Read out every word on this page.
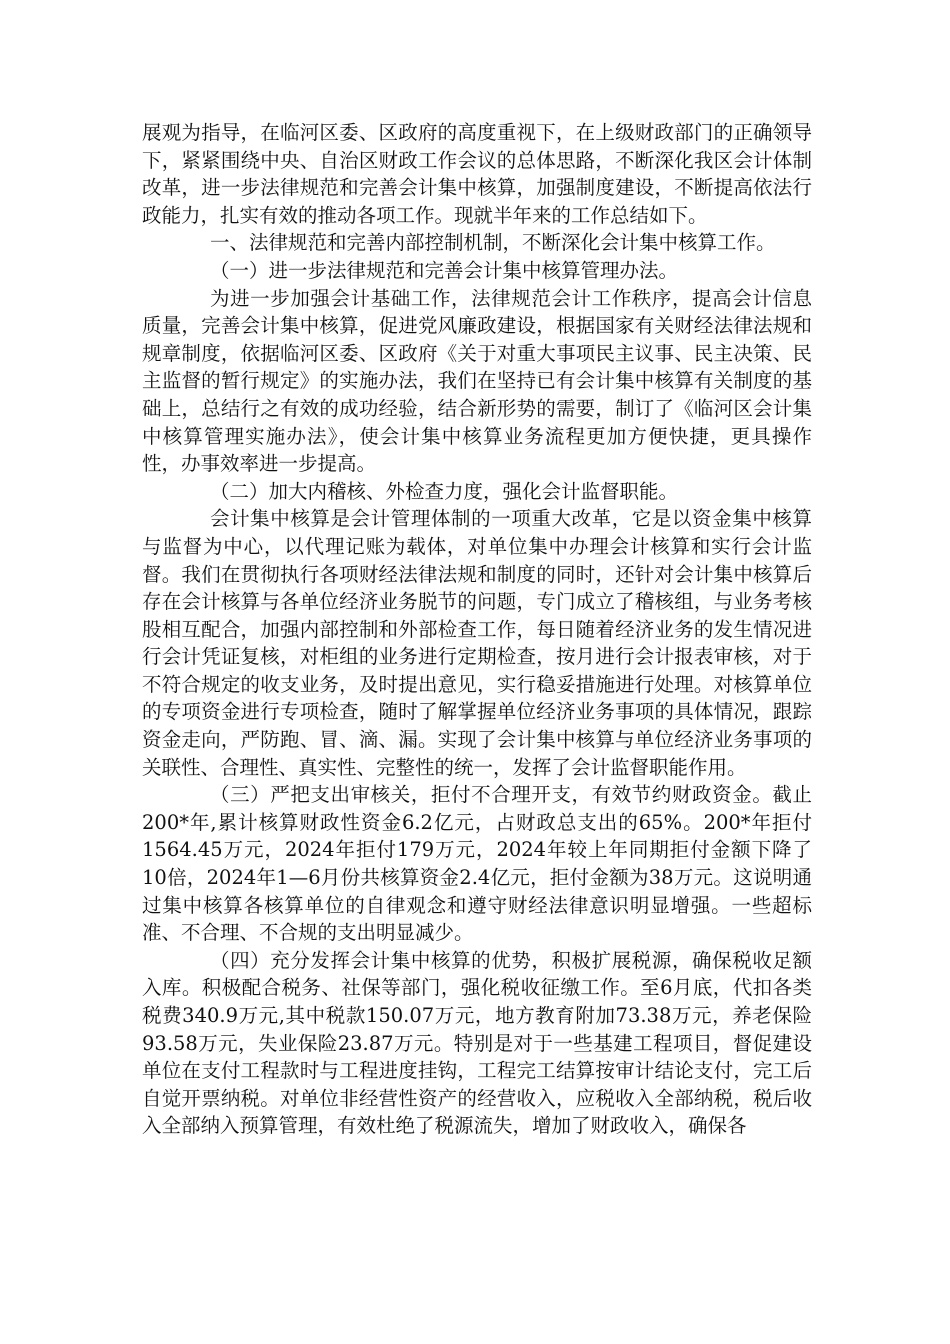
展观为指导，在临河区委、区政府的高度重视下，在上级财政部门的正确领导下，紧紧围绕中央、自治区财政工作会议的总体思路，不断深化我区会计体制改革，进一步法律规范和完善会计集中核算，加强制度建设，不断提高依法行政能力，扎实有效的推动各项工作。现就半年来的工作总结如下。

一、法律规范和完善内部控制机制，不断深化会计集中核算工作。

（一）进一步法律规范和完善会计集中核算管理办法。

为进一步加强会计基础工作，法律规范会计工作秩序，提高会计信息质量，完善会计集中核算，促进党风廉政建设，根据国家有关财经法律法规和规章制度，依据临河区委、区政府《关于对重大事项民主议事、民主决策、民主监督的暂行规定》的实施办法，我们在坚持已有会计集中核算有关制度的基础上，总结行之有效的成功经验，结合新形势的需要，制订了《临河区会计集中核算管理实施办法》，使会计集中核算业务流程更加方便快捷，更具操作性，办事效率进一步提高。

（二）加大内稽核、外检查力度，强化会计监督职能。

会计集中核算是会计管理体制的一项重大改革，它是以资金集中核算与监督为中心，以代理记账为载体，对单位集中办理会计核算和实行会计监督。我们在贯彻执行各项财经法律法规和制度的同时，还针对会计集中核算后存在会计核算与各单位经济业务脱节的问题，专门成立了稽核组，与业务考核股相互配合，加强内部控制和外部检查工作，每日随着经济业务的发生情况进行会计凭证复核，对柜组的业务进行定期检查，按月进行会计报表审核，对于不符合规定的收支业务，及时提出意见，实行稳妥措施进行处理。对核算单位的专项资金进行专项检查，随时了解掌握单位经济业务事项的具体情况，跟踪资金走向，严防跑、冒、滴、漏。实现了会计集中核算与单位经济业务事项的关联性、合理性、真实性、完整性的统一，发挥了会计监督职能作用。

（三）严把支出审核关，拒付不合理开支，有效节约财政资金。截止200*年,累计核算财政性资金6.2亿元，占财政总支出的65%。200*年拒付1564.45万元，2024年拒付179万元，2024年较上年同期拒付金额下降了10倍，2024年1—6月份共核算资金2.4亿元，拒付金额为38万元。这说明通过集中核算各核算单位的自律观念和遵守财经法律意识明显增强。一些超标准、不合理、不合规的支出明显减少。

（四）充分发挥会计集中核算的优势，积极扩展税源，确保税收足额入库。积极配合税务、社保等部门，强化税收征缴工作。至6月底，代扣各类税费340.9万元,其中税款150.07万元，地方教育附加73.38万元，养老保险93.58万元，失业保险23.87万元。特别是对于一些基建工程项目，督促建设单位在支付工程款时与工程进度挂钩，工程完工结算按审计结论支付，完工后自觉开票纳税。对单位非经营性资产的经营收入，应税收入全部纳税，税后收入全部纳入预算管理，有效杜绝了税源流失，增加了财政收入，确保各
